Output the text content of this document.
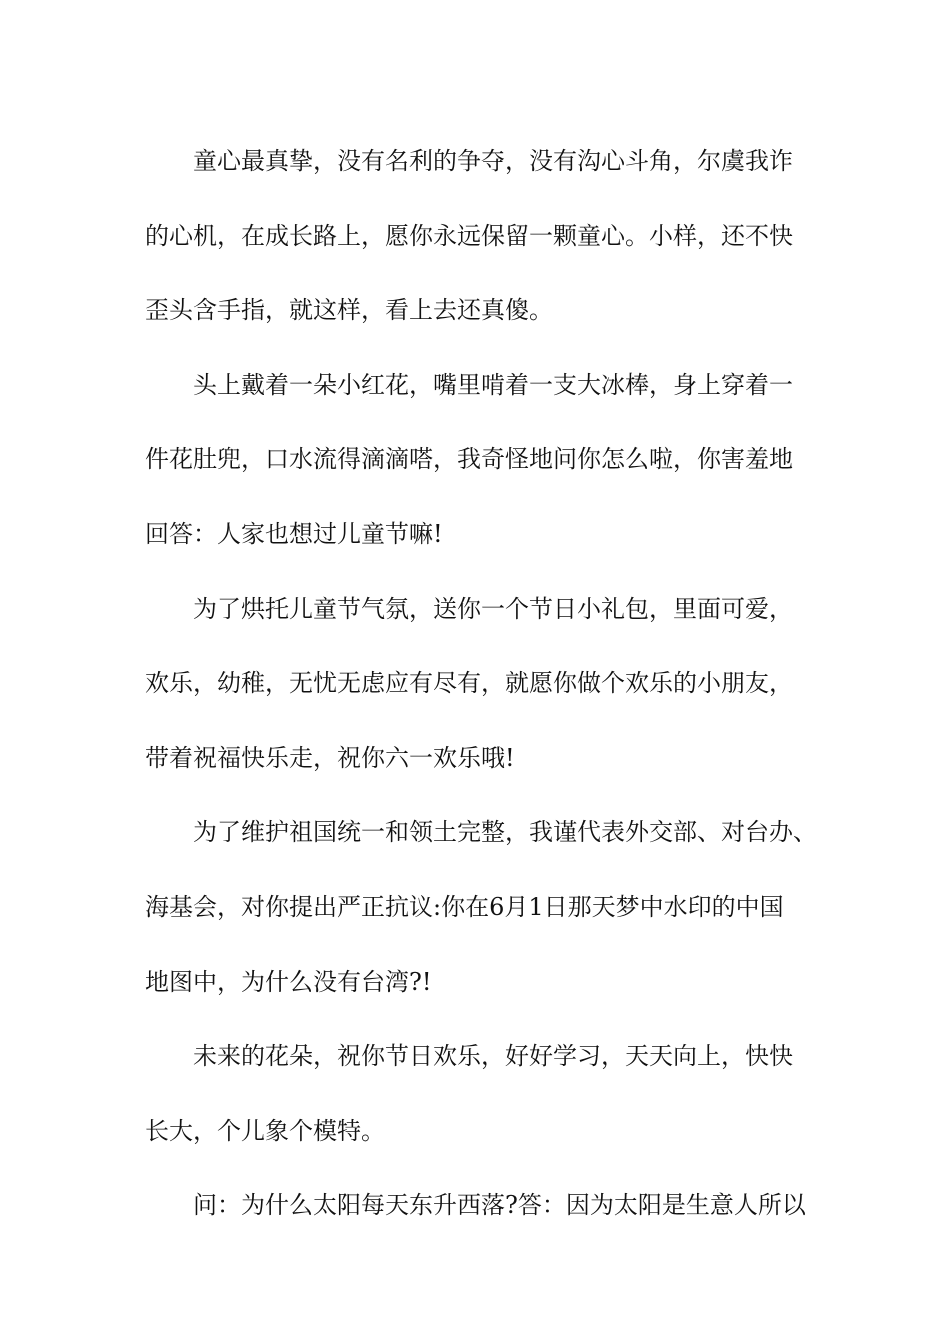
童心最真挚，没有名利的争夺，没有沟心斗角，尔虞我诈
的心机，在成长路上，愿你永远保留一颗童心。小样，还不快
歪头含手指，就这样，看上去还真傻。
头上戴着一朵小红花，嘴里啃着一支大冰棒，身上穿着一
件花肚兜，口水流得滴滴嗒，我奇怪地问你怎么啦，你害羞地
回答：人家也想过儿童节嘛!
为了烘托儿童节气氛，送你一个节日小礼包，里面可爱，
欢乐，幼稚，无忧无虑应有尽有，就愿你做个欢乐的小朋友，
带着祝福快乐走，祝你六一欢乐哦!
为了维护祖国统一和领土完整，我谨代表外交部、对台办、
海基会，对你提出严正抗议:你在6月1日那天梦中水印的中国
地图中，为什么没有台湾?!
未来的花朵，祝你节日欢乐，好好学习，天天向上，快快
长大，个儿象个模特。
问：为什么太阳每天东升西落?答：因为太阳是生意人所以
